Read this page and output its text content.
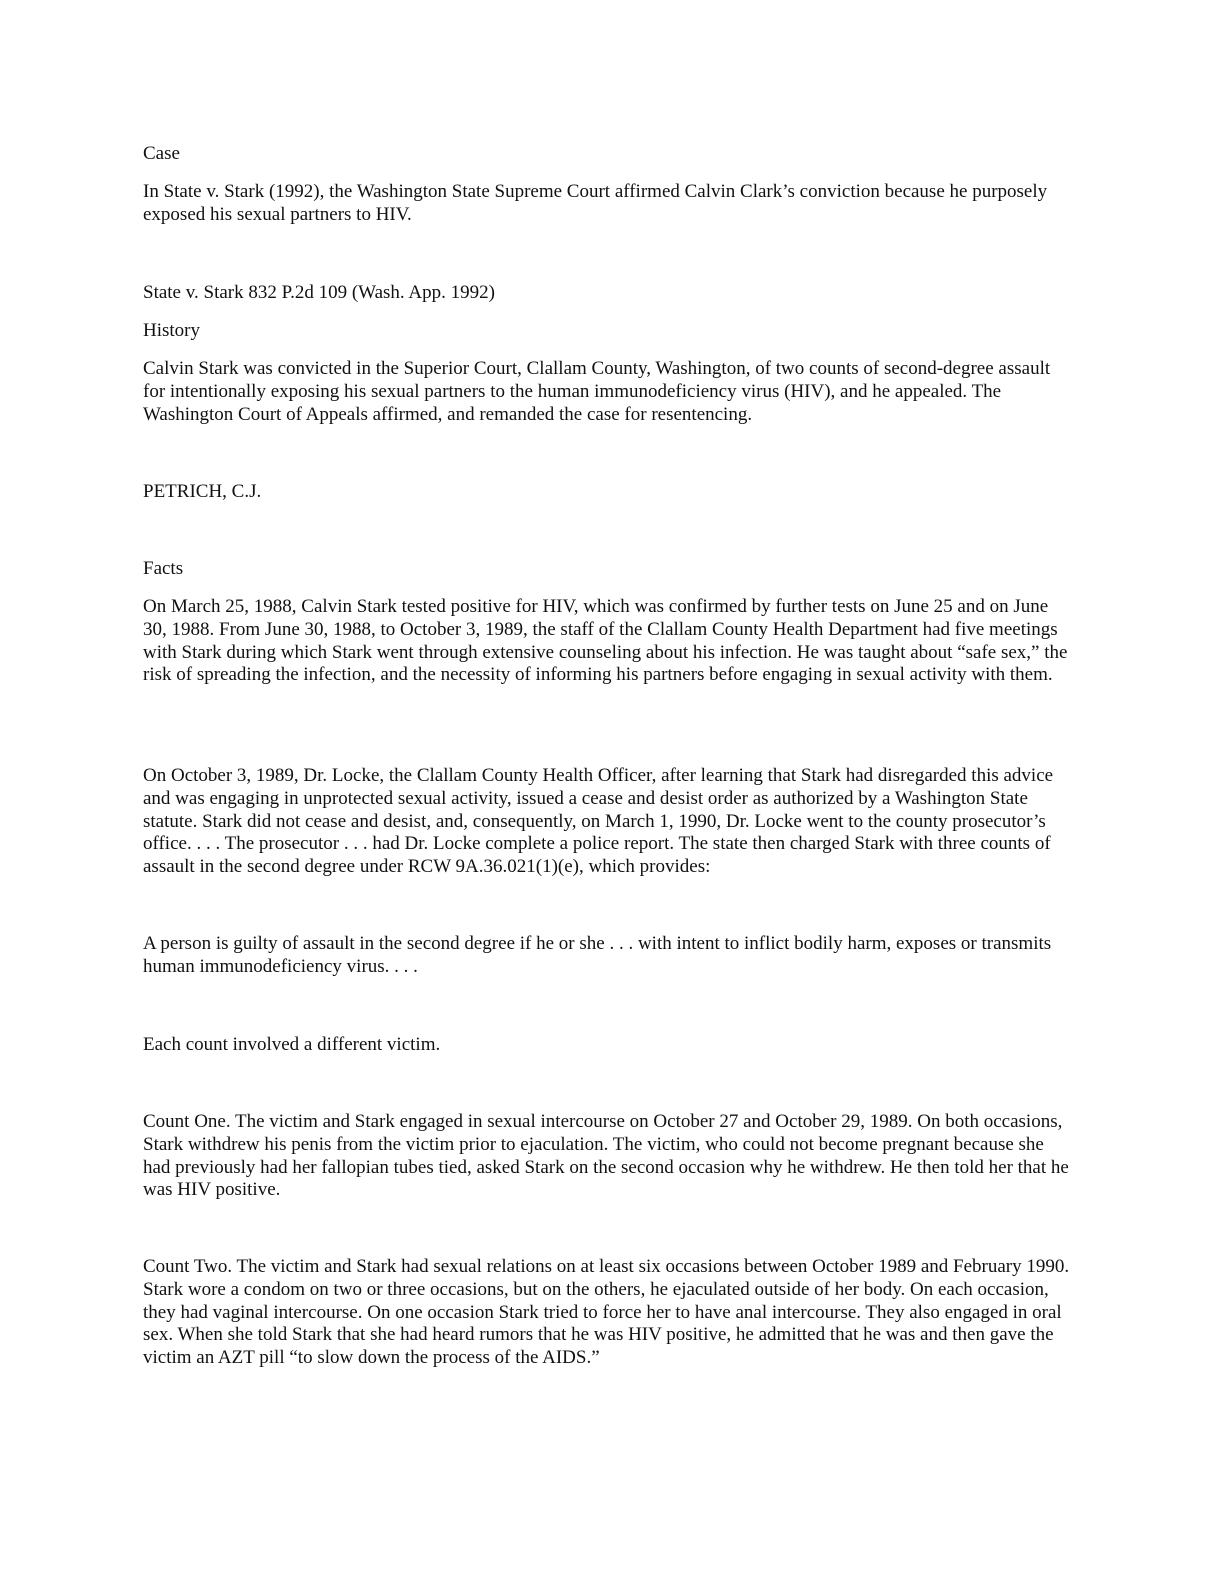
Case

In State v. Stark (1992), the Washington State Supreme Court affirmed Calvin Clark’s conviction because he purposely exposed his sexual partners to HIV.

State v. Stark 832 P.2d 109 (Wash. App. 1992)

History

Calvin Stark was convicted in the Superior Court, Clallam County, Washington, of two counts of second-degree assault for intentionally exposing his sexual partners to the human immunodeficiency virus (HIV), and he appealed. The Washington Court of Appeals affirmed, and remanded the case for resentencing.

PETRICH, C.J.

Facts

On March 25, 1988, Calvin Stark tested positive for HIV, which was confirmed by further tests on June 25 and on June 30, 1988. From June 30, 1988, to October 3, 1989, the staff of the Clallam County Health Department had five meetings with Stark during which Stark went through extensive counseling about his infection. He was taught about “safe sex,” the risk of spreading the infection, and the necessity of informing his partners before engaging in sexual activity with them.

On October 3, 1989, Dr. Locke, the Clallam County Health Officer, after learning that Stark had disregarded this advice and was engaging in unprotected sexual activity, issued a cease and desist order as authorized by a Washington State statute. Stark did not cease and desist, and, consequently, on March 1, 1990, Dr. Locke went to the county prosecutor’s office. . . . The prosecutor . . . had Dr. Locke complete a police report. The state then charged Stark with three counts of assault in the second degree under RCW 9A.36.021(1)(e), which provides:

A person is guilty of assault in the second degree if he or she . . . with intent to inflict bodily harm, exposes or transmits human immunodeficiency virus. . . .

Each count involved a different victim.

Count One. The victim and Stark engaged in sexual intercourse on October 27 and October 29, 1989. On both occasions, Stark withdrew his penis from the victim prior to ejaculation. The victim, who could not become pregnant because she had previously had her fallopian tubes tied, asked Stark on the second occasion why he withdrew. He then told her that he was HIV positive.

Count Two. The victim and Stark had sexual relations on at least six occasions between October 1989 and February 1990. Stark wore a condom on two or three occasions, but on the others, he ejaculated outside of her body. On each occasion, they had vaginal intercourse. On one occasion Stark tried to force her to have anal intercourse. They also engaged in oral sex. When she told Stark that she had heard rumors that he was HIV positive, he admitted that he was and then gave the victim an AZT pill “to slow down the process of the AIDS.”
